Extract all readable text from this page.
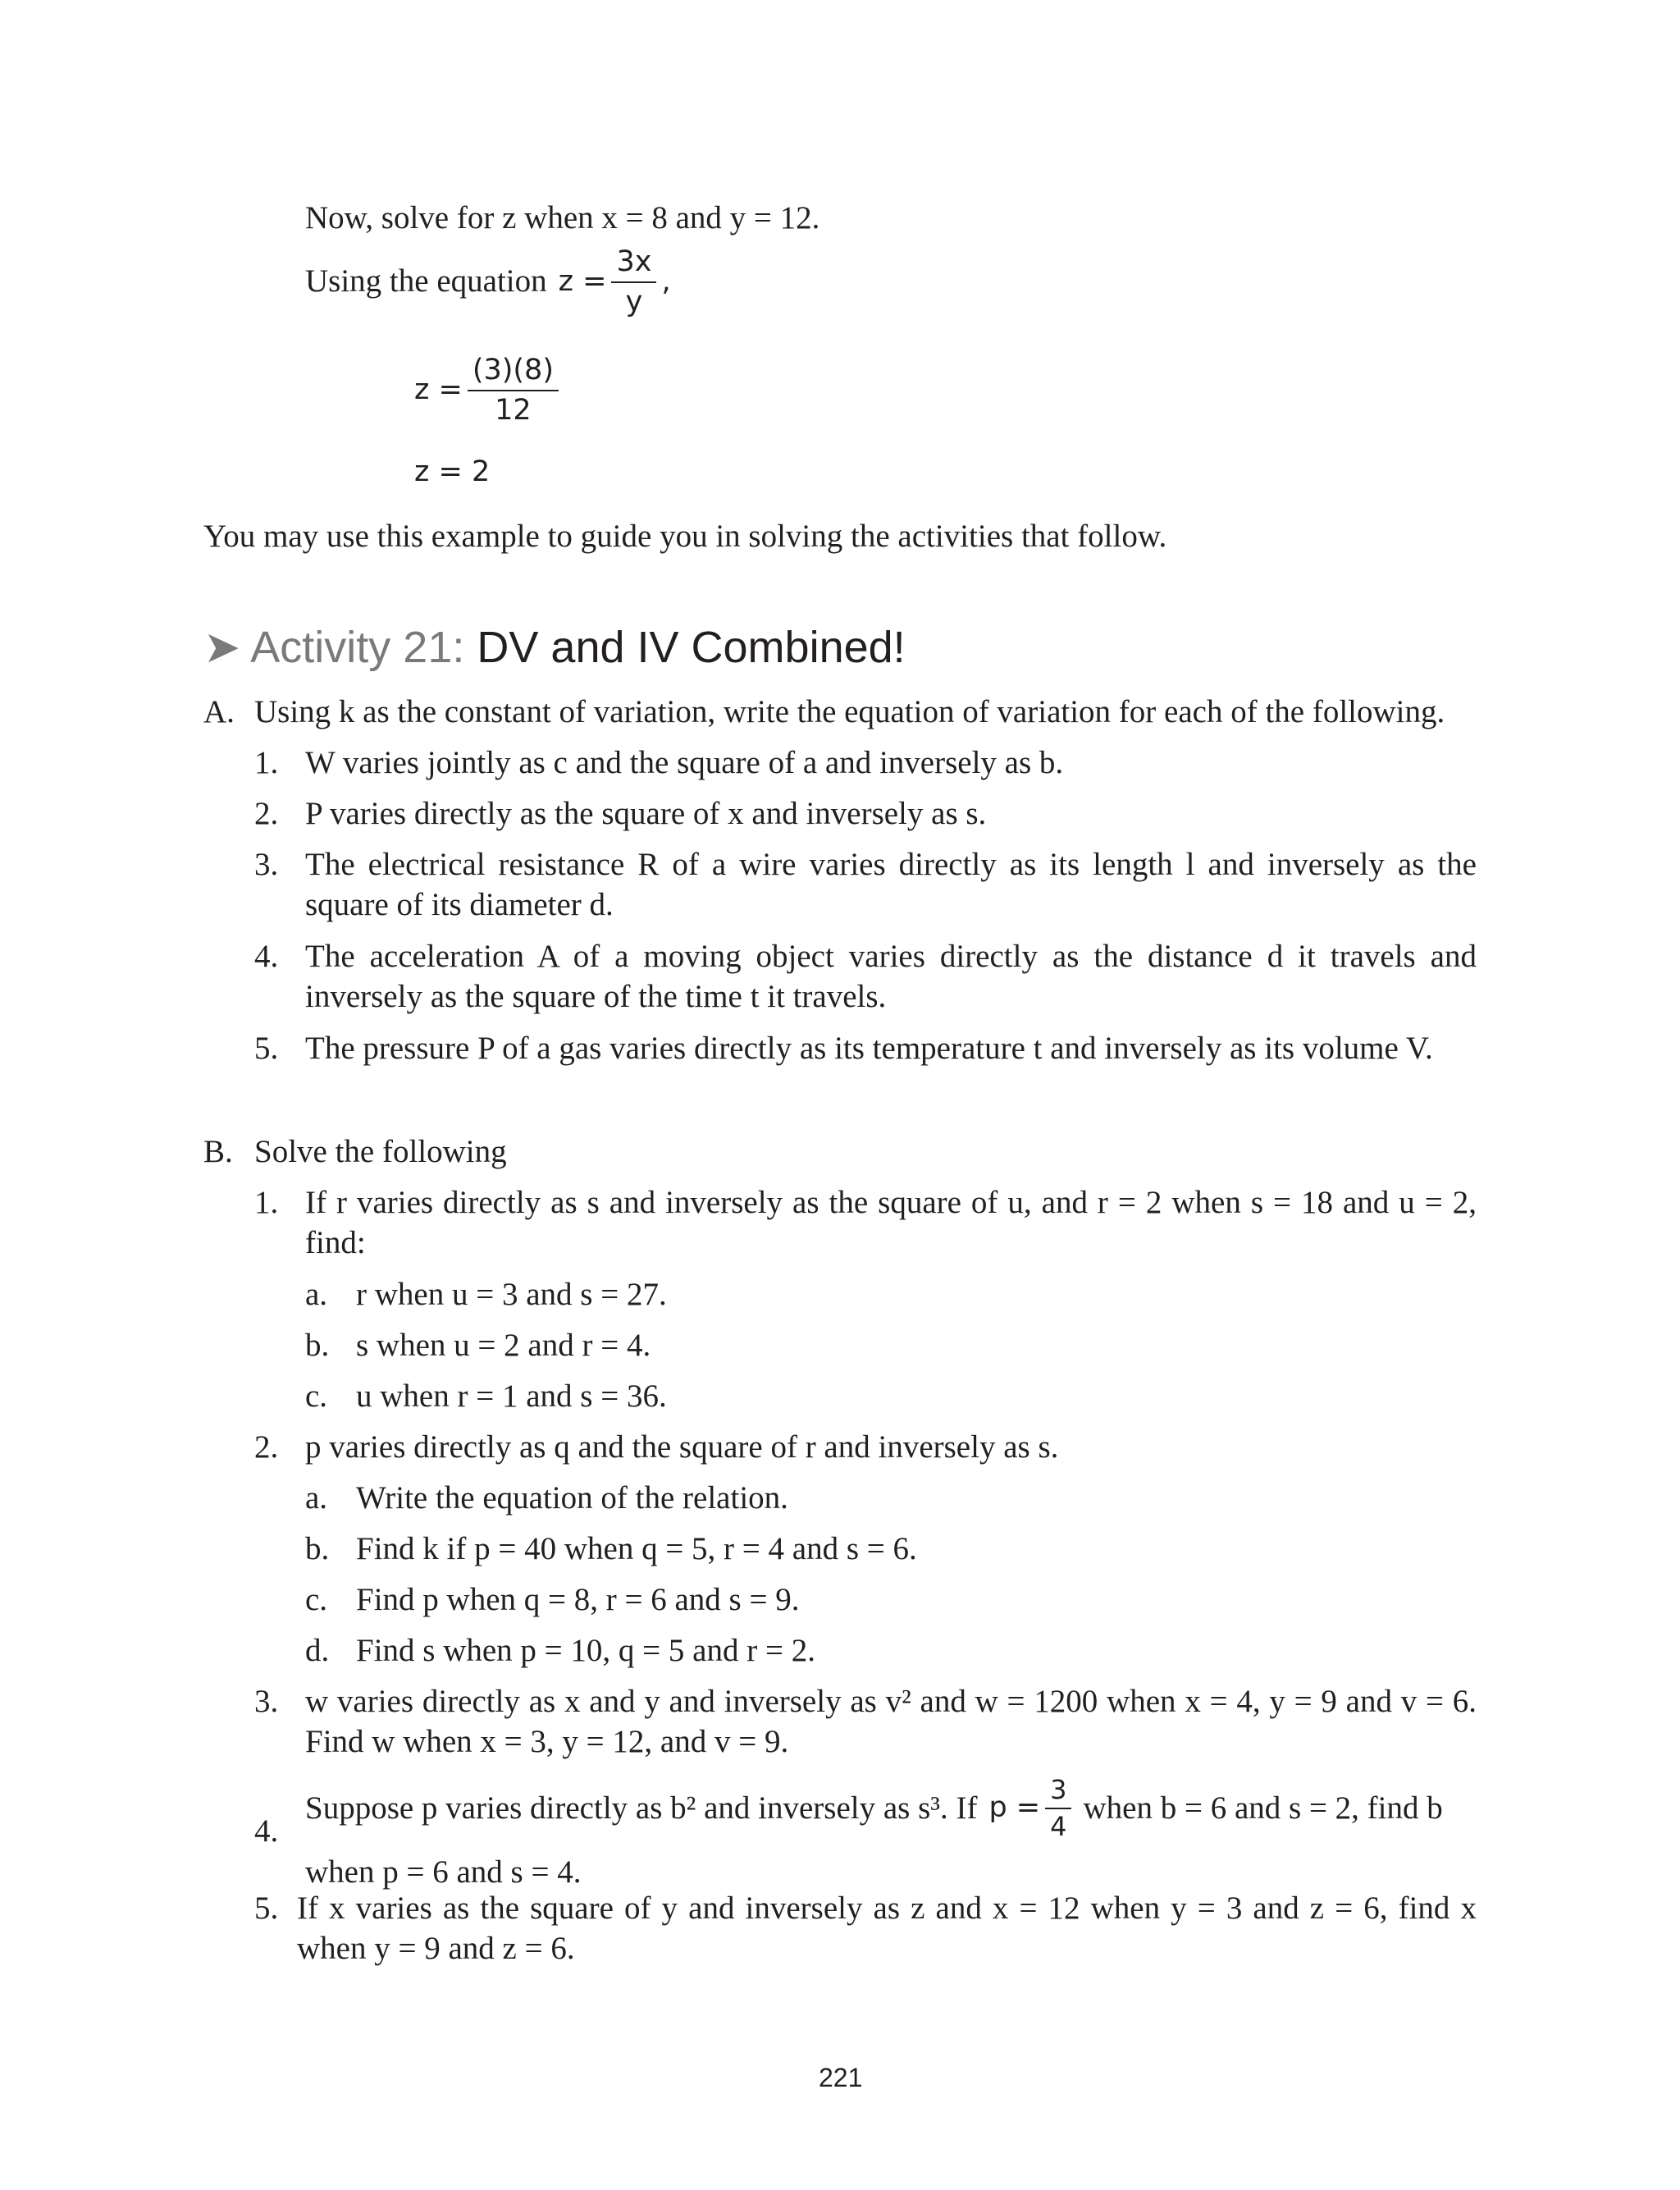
Now, solve for z when x = 8 and y = 12.
Using the equation $z = \frac{3x}{y}$ ,
$z = \frac{(3)(8)}{12}$
z = 2
You may use this example to guide you in solving the activities that follow.
➤ Activity 21: DV and IV Combined!
A. Using k as the constant of variation, write the equation of variation for each of the following.
1. W varies jointly as c and the square of a and inversely as b.
2. P varies directly as the square of x and inversely as s.
3. The electrical resistance R of a wire varies directly as its length l and inversely as the square of its diameter d.
4. The acceleration A of a moving object varies directly as the distance d it travels and inversely as the square of the time t it travels.
5. The pressure P of a gas varies directly as its temperature t and inversely as its volume V.
B. Solve the following
1. If r varies directly as s and inversely as the square of u, and r = 2 when s = 18 and u = 2, find:
a. r when u = 3 and s = 27.
b. s when u = 2 and r = 4.
c. u when r = 1 and s = 36.
2. p varies directly as q and the square of r and inversely as s.
a. Write the equation of the relation.
b. Find k if p = 40 when q = 5, r = 4 and s = 6.
c. Find p when q = 8, r = 6 and s = 9.
d. Find s when p = 10, q = 5 and r = 2.
3. w varies directly as x and y and inversely as v² and w = 1200 when x = 4, y = 9 and v = 6. Find w when x = 3, y = 12, and v = 9.
4.
Suppose p varies directly as b² and inversely as s³. If $p = \frac{3}{4}$ when b = 6 and s = 2, find b
when p = 6 and s = 4.
5. If x varies as the square of y and inversely as z and x = 12 when y = 3 and z = 6, find x when y = 9 and z = 6.
221
